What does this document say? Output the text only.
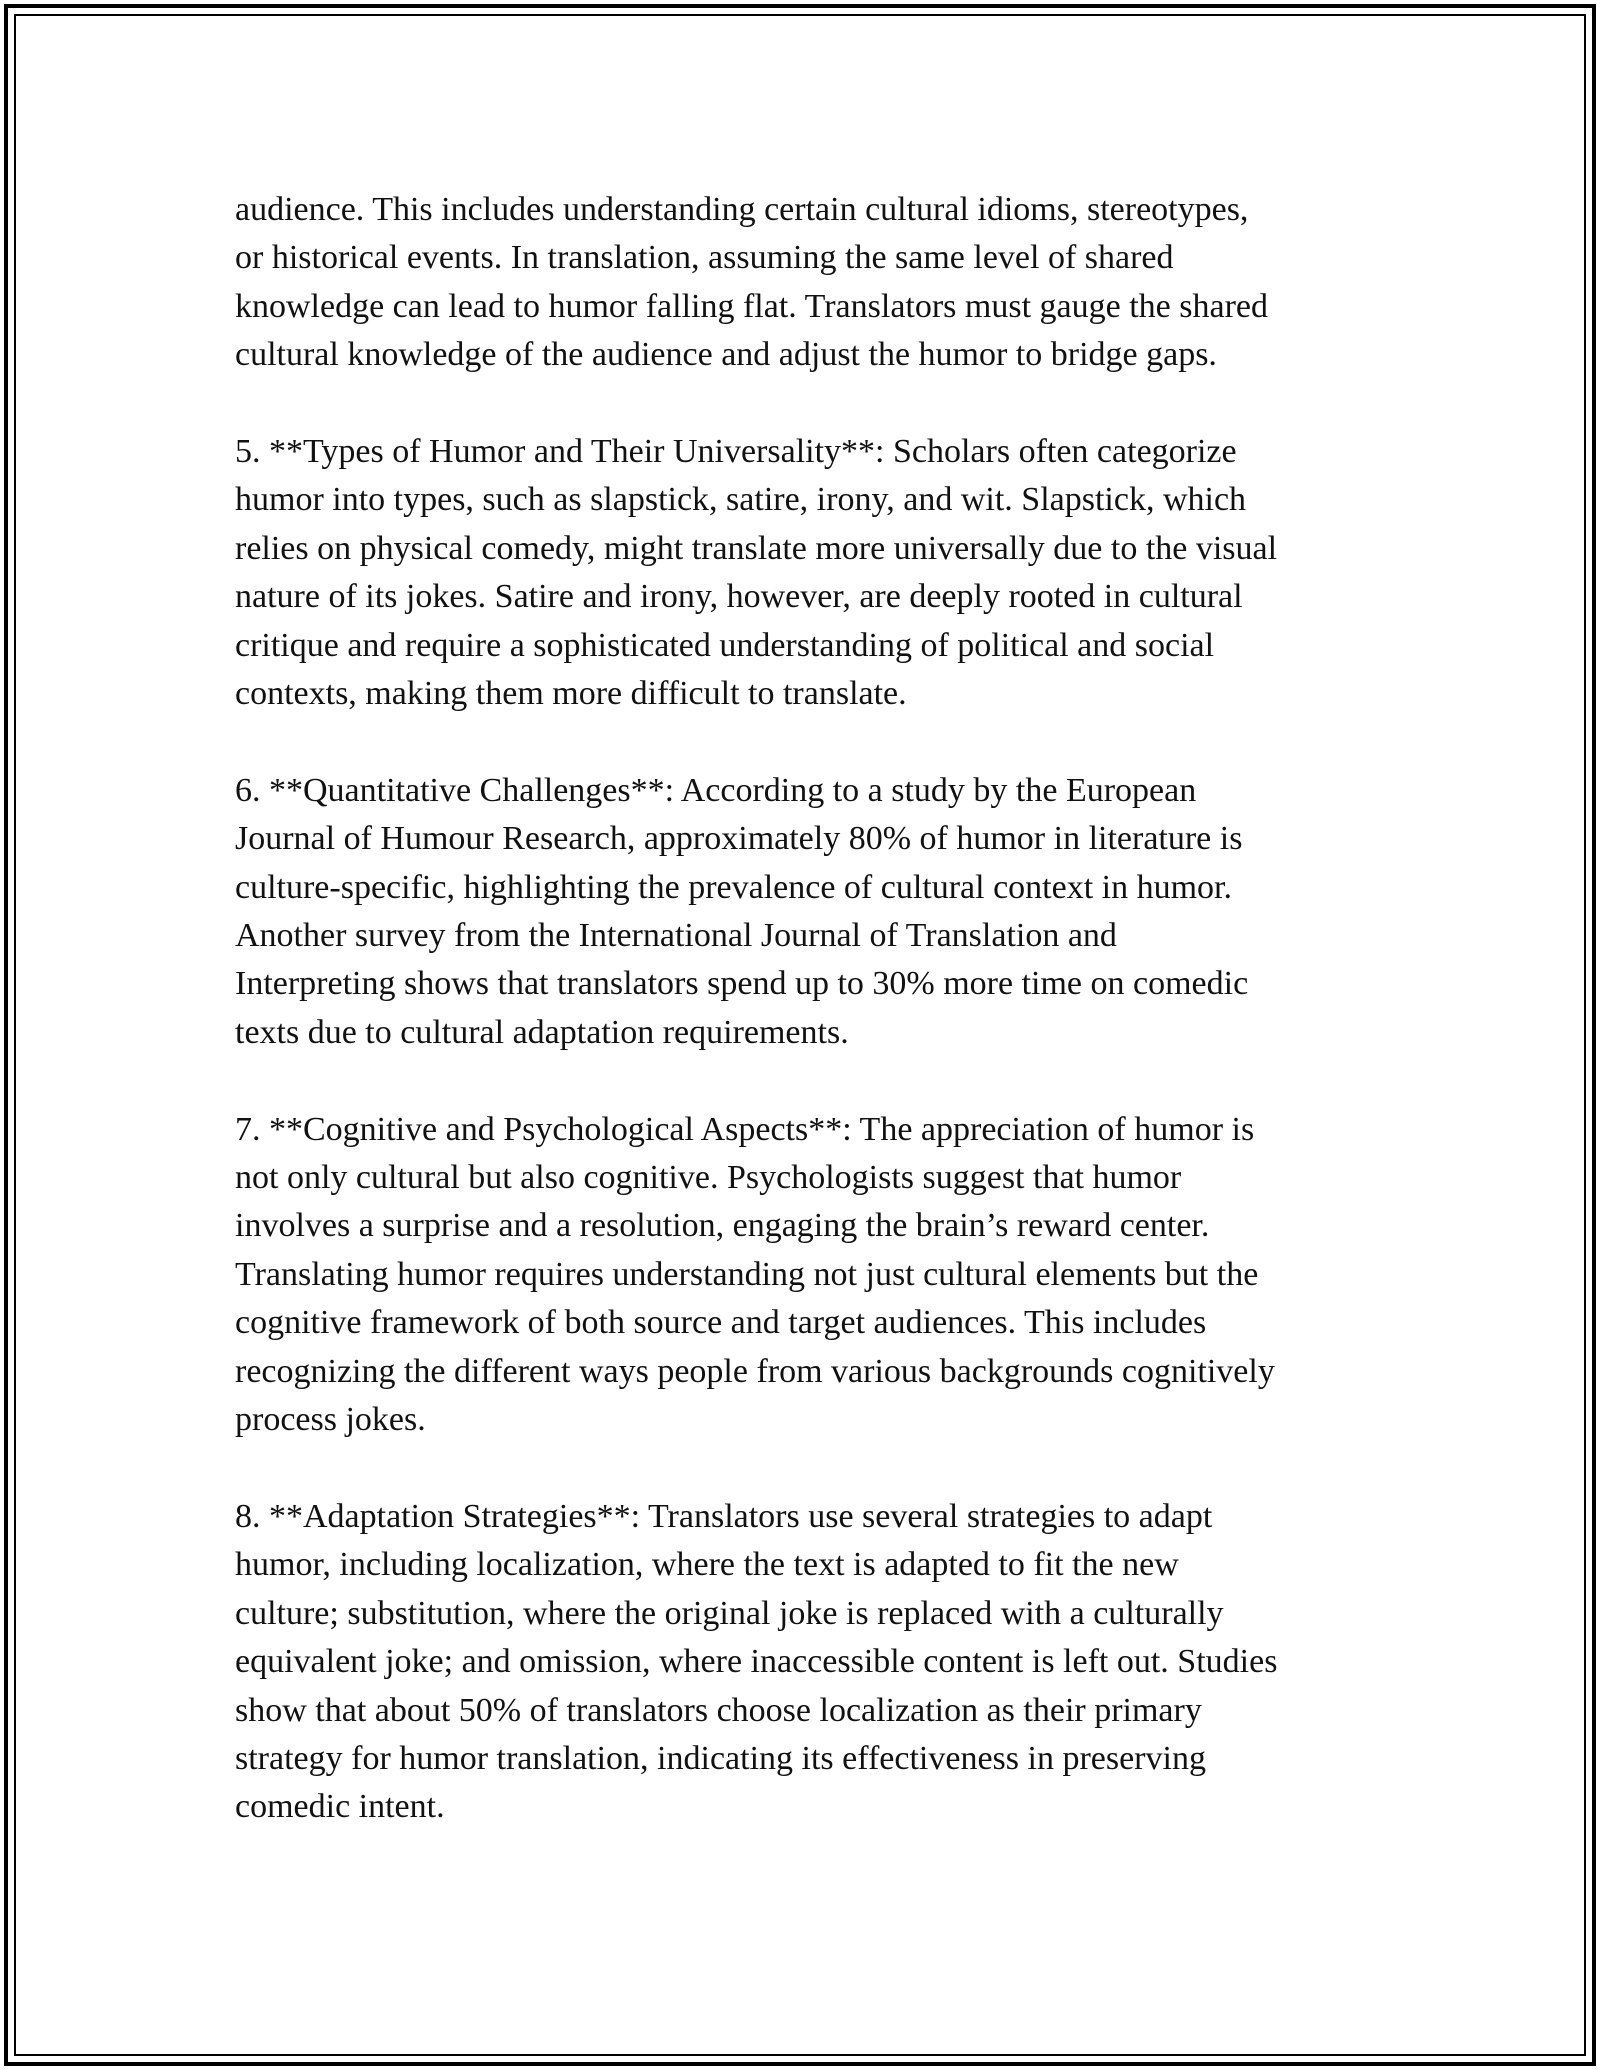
audience. This includes understanding certain cultural idioms, stereotypes,
or historical events. In translation, assuming the same level of shared
knowledge can lead to humor falling flat. Translators must gauge the shared
cultural knowledge of the audience and adjust the humor to bridge gaps.

5. **Types of Humor and Their Universality**: Scholars often categorize
humor into types, such as slapstick, satire, irony, and wit. Slapstick, which
relies on physical comedy, might translate more universally due to the visual
nature of its jokes. Satire and irony, however, are deeply rooted in cultural
critique and require a sophisticated understanding of political and social
contexts, making them more difficult to translate.

6. **Quantitative Challenges**: According to a study by the European
Journal of Humour Research, approximately 80% of humor in literature is
culture-specific, highlighting the prevalence of cultural context in humor.
Another survey from the International Journal of Translation and
Interpreting shows that translators spend up to 30% more time on comedic
texts due to cultural adaptation requirements.

7. **Cognitive and Psychological Aspects**: The appreciation of humor is
not only cultural but also cognitive. Psychologists suggest that humor
involves a surprise and a resolution, engaging the brain’s reward center.
Translating humor requires understanding not just cultural elements but the
cognitive framework of both source and target audiences. This includes
recognizing the different ways people from various backgrounds cognitively
process jokes.

8. **Adaptation Strategies**: Translators use several strategies to adapt
humor, including localization, where the text is adapted to fit the new
culture; substitution, where the original joke is replaced with a culturally
equivalent joke; and omission, where inaccessible content is left out. Studies
show that about 50% of translators choose localization as their primary
strategy for humor translation, indicating its effectiveness in preserving
comedic intent.
